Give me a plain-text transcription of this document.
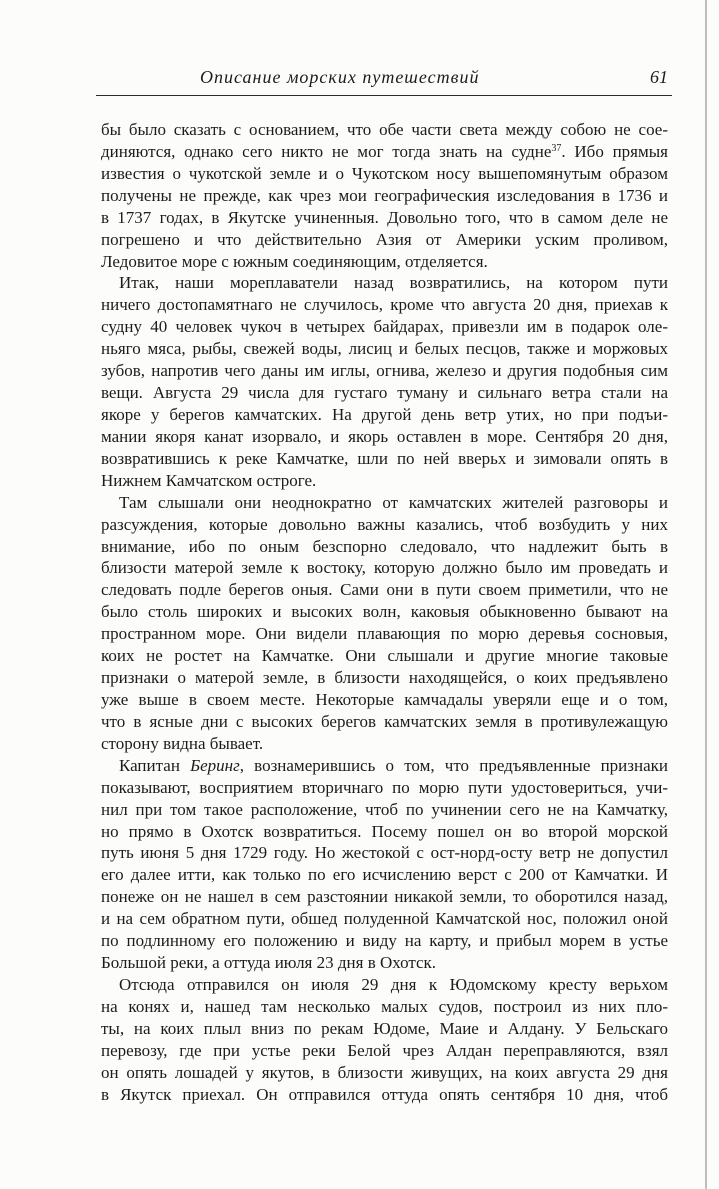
Описание морских путешествий	61
бы было сказать с основанием, что обе части света между собою не сое-
диняются, однако сего никто не мог тогда знать на судне$^{37}$. Ибо прямыя
известия о чукотской земле и о Чукотском носу вышепомянутым образом
получены не прежде, как чрез мои географическия изследования в 1736 и
в 1737 годах, в Якутске учиненныя. Довольно того, что в самом деле не
погрешено и что действительно Азия от Америки уским проливом,
Ледовитое море с южным соединяющим, отделяется.
Итак, наши мореплаватели назад возвратились, на котором пути
ничего достопамятнаго не случилось, кроме что августа 20 дня, приехав к
судну 40 человек чукоч в четырех байдарах, привезли им в подарок оле-
ньяго мяса, рыбы, свежей воды, лисиц и белых песцов, также и моржовых
зубов, напротив чего даны им иглы, огнива, железо и другия подобныя сим
вещи. Августа 29 числа для густаго туману и сильнаго ветра стали на
якоре у берегов камчатских. На другой день ветр утих, но при подъи-
мании якоря канат изорвало, и якорь оставлен в море. Сентября 20 дня,
возвратившись к реке Камчатке, шли по ней вверьх и зимовали опять в
Нижнем Камчатском остроге.
Там слышали они неоднократно от камчатских жителей разговоры и
разсуждения, которые довольно важны казались, чтоб возбудить у них
внимание, ибо по оным безспорно следовало, что надлежит быть в
близости матерой земле к востоку, которую должно было им проведать и
следовать подле берегов оныя. Сами они в пути своем приметили, что не
было столь широких и высоких волн, каковыя обыкновенно бывают на
пространном море. Они видели плавающия по морю деревья сосновыя,
коих не ростет на Камчатке. Они слышали и другие многие таковые
признаки о матерой земле, в близости находящейся, о коих предъявлено
уже выше в своем месте. Некоторые камчадалы уверяли еще и о том,
что в ясные дни с высоких берегов камчатских земля в противулежащую
сторону видна бывает.
Капитан Беринг, вознамерившись о том, что предъявленные признаки
показывают, восприятием вторичнаго по морю пути удостовериться, учи-
нил при том такое расположение, чтоб по учинении сего не на Камчатку,
но прямо в Охотск возвратиться. Посему пошел он во второй морской
путь июня 5 дня 1729 году. Но жестокой с ост-норд-осту ветр не допустил
его далее итти, как только по его исчислению верст с 200 от Камчатки. И
понеже он не нашел в сем разстоянии никакой земли, то оборотился назад,
и на сем обратном пути, обшед полуденной Камчатской нос, положил оной
по подлинному его положению и виду на карту, и прибыл морем в устье
Большой реки, а оттуда июля 23 дня в Охотск.
Отсюда отправился он июля 29 дня к Юдомскому кресту верьхом
на конях и, нашед там несколько малых судов, построил из них пло-
ты, на коих плыл вниз по рекам Юдоме, Маие и Алдану. У Бельскаго
перевозу, где при устье реки Белой чрез Алдан переправляются, взял
он опять лошадей у якутов, в близости живущих, на коих августа 29 дня
в Якутск приехал. Он отправился оттуда опять сентября 10 дня, чтоб
